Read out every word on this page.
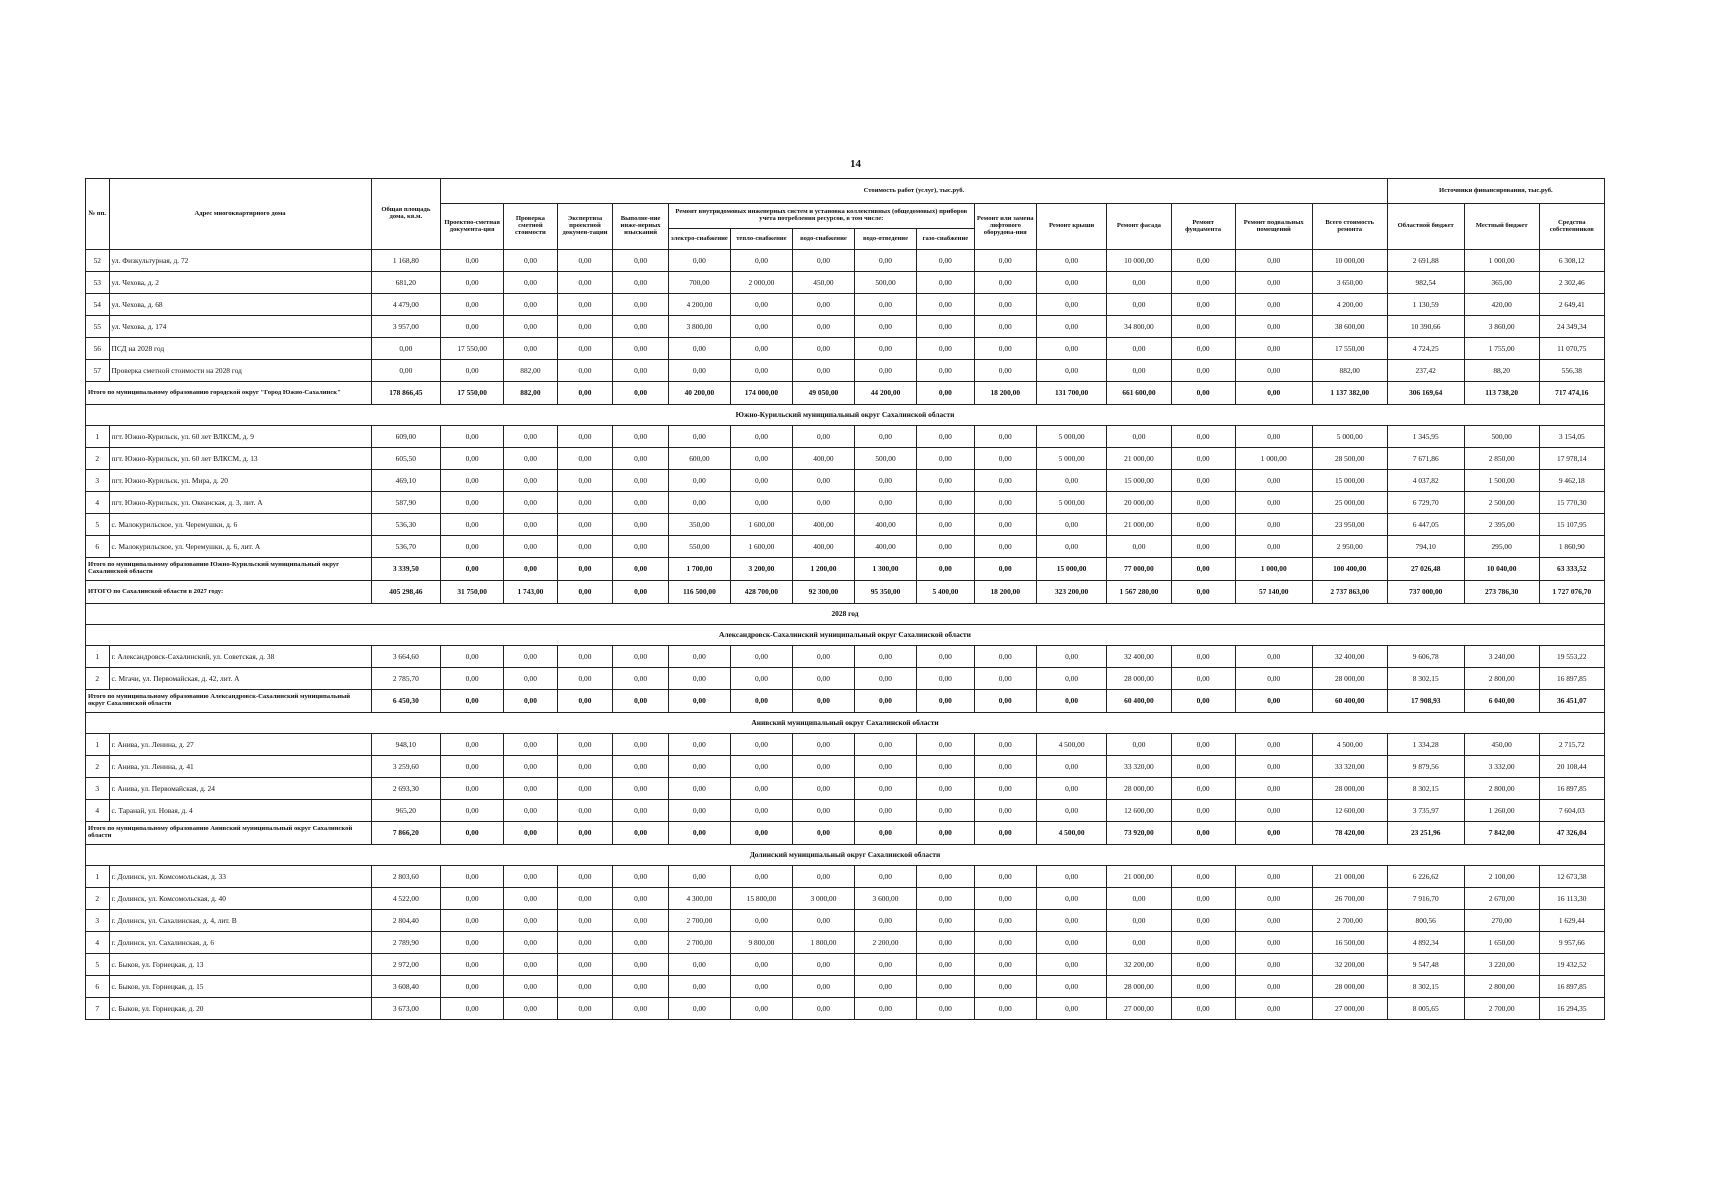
14
№ пп.	Адрес многоквартирного дома	Общая площадь дома, кв.м.	Стоимость работ (услуг), тыс.руб.															Источники финансирования, тыс.руб.		
			Проектно-сметная документа-ция	Проверка сметной стоимости	Экспертиза проектной докумен-тации	Выполне-ние инже-нерных изысканий	Ремонт внутридомовых инженерных систем и установка коллективных (общедомовых) приборов учета потребления ресурсов, в том числе:					Ремонт или замена лифтового оборудова-ния	Ремонт крыши	Ремонт фасада	Ремонт фундамента	Ремонт подвальных помещений	Всего стоимость ремонта	Областной бюджет	Местный бюджет	Средства собственников
							электро-снабжение	тепло-снабжение	водо-снабжение	водо-отведение	газо-снабжение									
52	ул. Физкультурная, д. 72	1 168,80	0,00	0,00	0,00	0,00	0,00	0,00	0,00	0,00	0,00	0,00	0,00	10 000,00	0,00	0,00	10 000,00	2 691,88	1 000,00	6 308,12
53	ул. Чехова, д. 2	681,20	0,00	0,00	0,00	0,00	700,00	2 000,00	450,00	500,00	0,00	0,00	0,00	0,00	0,00	0,00	3 650,00	982,54	365,00	2 302,46
54	ул. Чехова, д. 68	4 479,00	0,00	0,00	0,00	0,00	4 200,00	0,00	0,00	0,00	0,00	0,00	0,00	0,00	0,00	0,00	4 200,00	1 130,59	420,00	2 649,41
55	ул. Чехова, д. 174	3 957,00	0,00	0,00	0,00	0,00	3 800,00	0,00	0,00	0,00	0,00	0,00	0,00	34 800,00	0,00	0,00	38 600,00	10 390,66	3 860,00	24 349,34
56	ПСД на 2028 год	0,00	17 550,00	0,00	0,00	0,00	0,00	0,00	0,00	0,00	0,00	0,00	0,00	0,00	0,00	0,00	17 550,00	4 724,25	1 755,00	11 070,75
57	Проверка сметной стоимости на 2028 год	0,00	0,00	882,00	0,00	0,00	0,00	0,00	0,00	0,00	0,00	0,00	0,00	0,00	0,00	0,00	882,00	237,42	88,20	556,38
Итого по муниципальному образованию городской округ "Город Южно-Сахалинск"		178 866,45	17 550,00	882,00	0,00	0,00	40 200,00	174 000,00	49 050,00	44 200,00	0,00	18 200,00	131 700,00	661 600,00	0,00	0,00	1 137 382,00	306 169,64	113 738,20	717 474,16
Южно-Курильский муниципальный округ Сахалинской области																				
1	пгт. Южно-Курильск, ул. 60 лет ВЛКСМ, д. 9	609,00	0,00	0,00	0,00	0,00	0,00	0,00	0,00	0,00	0,00	0,00	5 000,00	0,00	0,00	0,00	5 000,00	1 345,95	500,00	3 154,05
2	пгт. Южно-Курильск, ул. 60 лет ВЛКСМ, д. 13	605,50	0,00	0,00	0,00	0,00	600,00	0,00	400,00	500,00	0,00	0,00	5 000,00	21 000,00	0,00	1 000,00	28 500,00	7 671,86	2 850,00	17 978,14
3	пгт. Южно-Курильск, ул. Мира, д. 20	469,10	0,00	0,00	0,00	0,00	0,00	0,00	0,00	0,00	0,00	0,00	0,00	15 000,00	0,00	0,00	15 000,00	4 037,82	1 500,00	9 462,18
4	пгт. Южно-Курильск, ул. Океанская, д. 3, лит. А	587,90	0,00	0,00	0,00	0,00	0,00	0,00	0,00	0,00	0,00	0,00	5 000,00	20 000,00	0,00	0,00	25 000,00	6 729,70	2 500,00	15 770,30
5	с. Малокурильское, ул. Черемушки, д. 6	536,30	0,00	0,00	0,00	0,00	350,00	1 600,00	400,00	400,00	0,00	0,00	0,00	21 000,00	0,00	0,00	23 950,00	6 447,05	2 395,00	15 107,95
6	с. Малокурильское, ул. Черемушки, д. 6, лит. А	536,70	0,00	0,00	0,00	0,00	550,00	1 600,00	400,00	400,00	0,00	0,00	0,00	0,00	0,00	0,00	2 950,00	794,10	295,00	1 860,90
Итого по муниципальному образованию Южно-Курильский муниципальный округ Сахалинской области		3 339,50	0,00	0,00	0,00	0,00	1 700,00	3 200,00	1 200,00	1 300,00	0,00	0,00	15 000,00	77 000,00	0,00	1 000,00	100 400,00	27 026,48	10 040,00	63 333,52
ИТОГО по Сахалинской области в 2027 году:		405 298,46	31 750,00	1 743,00	0,00	0,00	116 500,00	428 700,00	92 300,00	95 350,00	5 400,00	18 200,00	323 200,00	1 567 280,00	0,00	57 140,00	2 737 863,00	737 000,00	273 786,30	1 727 076,70
2028 год																				
Александровск-Сахалинский муниципальный округ Сахалинской области																				
1	г. Александровск-Сахалинский, ул. Советская, д. 38	3 664,60	0,00	0,00	0,00	0,00	0,00	0,00	0,00	0,00	0,00	0,00	0,00	32 400,00	0,00	0,00	32 400,00	9 606,78	3 240,00	19 553,22
2	с. Мгачи, ул. Первомайская, д. 42, лит. А	2 785,70	0,00	0,00	0,00	0,00	0,00	0,00	0,00	0,00	0,00	0,00	0,00	28 000,00	0,00	0,00	28 000,00	8 302,15	2 800,00	16 897,85
Итого по муниципальному образованию Александровск-Сахалинский муниципальный округ Сахалинской области		6 450,30	0,00	0,00	0,00	0,00	0,00	0,00	0,00	0,00	0,00	0,00	0,00	60 400,00	0,00	0,00	60 400,00	17 908,93	6 040,00	36 451,07
Анивский муниципальный округ Сахалинской области																				
1	г. Анива, ул. Ленина, д. 27	948,10	0,00	0,00	0,00	0,00	0,00	0,00	0,00	0,00	0,00	0,00	4 500,00	0,00	0,00	0,00	4 500,00	1 334,28	450,00	2 715,72
2	г. Анива, ул. Ленина, д. 41	3 259,60	0,00	0,00	0,00	0,00	0,00	0,00	0,00	0,00	0,00	0,00	0,00	33 320,00	0,00	0,00	33 320,00	9 879,56	3 332,00	20 108,44
3	г. Анива, ул. Первомайская, д. 24	2 693,30	0,00	0,00	0,00	0,00	0,00	0,00	0,00	0,00	0,00	0,00	0,00	28 000,00	0,00	0,00	28 000,00	8 302,15	2 800,00	16 897,85
4	с. Таранай, ул. Новая, д. 4	965,20	0,00	0,00	0,00	0,00	0,00	0,00	0,00	0,00	0,00	0,00	0,00	12 600,00	0,00	0,00	12 600,00	3 735,97	1 260,00	7 604,03
Итого по муниципальному образованию Анивский муниципальный округ Сахалинской области		7 866,20	0,00	0,00	0,00	0,00	0,00	0,00	0,00	0,00	0,00	0,00	4 500,00	73 920,00	0,00	0,00	78 420,00	23 251,96	7 842,00	47 326,04
Долинский муниципальный округ Сахалинской области																				
1	г. Долинск, ул. Комсомольская, д. 33	2 803,60	0,00	0,00	0,00	0,00	0,00	0,00	0,00	0,00	0,00	0,00	0,00	21 000,00	0,00	0,00	21 000,00	6 226,62	2 100,00	12 673,38
2	г. Долинск, ул. Комсомольская, д. 40	4 522,00	0,00	0,00	0,00	0,00	4 300,00	15 800,00	3 000,00	3 600,00	0,00	0,00	0,00	0,00	0,00	0,00	26 700,00	7 916,70	2 670,00	16 113,30
3	г. Долинск, ул. Сахалинская, д. 4, лит. В	2 804,40	0,00	0,00	0,00	0,00	2 700,00	0,00	0,00	0,00	0,00	0,00	0,00	0,00	0,00	0,00	2 700,00	800,56	270,00	1 629,44
4	г. Долинск, ул. Сахалинская, д. 6	2 789,90	0,00	0,00	0,00	0,00	2 700,00	9 800,00	1 800,00	2 200,00	0,00	0,00	0,00	0,00	0,00	0,00	16 500,00	4 892,34	1 650,00	9 957,66
5	с. Быков, ул. Горнецкая, д. 13	2 972,00	0,00	0,00	0,00	0,00	0,00	0,00	0,00	0,00	0,00	0,00	0,00	32 200,00	0,00	0,00	32 200,00	9 547,48	3 220,00	19 432,52
6	с. Быков, ул. Горнецкая, д. 15	3 608,40	0,00	0,00	0,00	0,00	0,00	0,00	0,00	0,00	0,00	0,00	0,00	28 000,00	0,00	0,00	28 000,00	8 302,15	2 800,00	16 897,85
7	с. Быков, ул. Горнецкая, д. 20	3 673,00	0,00	0,00	0,00	0,00	0,00	0,00	0,00	0,00	0,00	0,00	0,00	27 000,00	0,00	0,00	27 000,00	8 005,65	2 700,00	16 294,35
